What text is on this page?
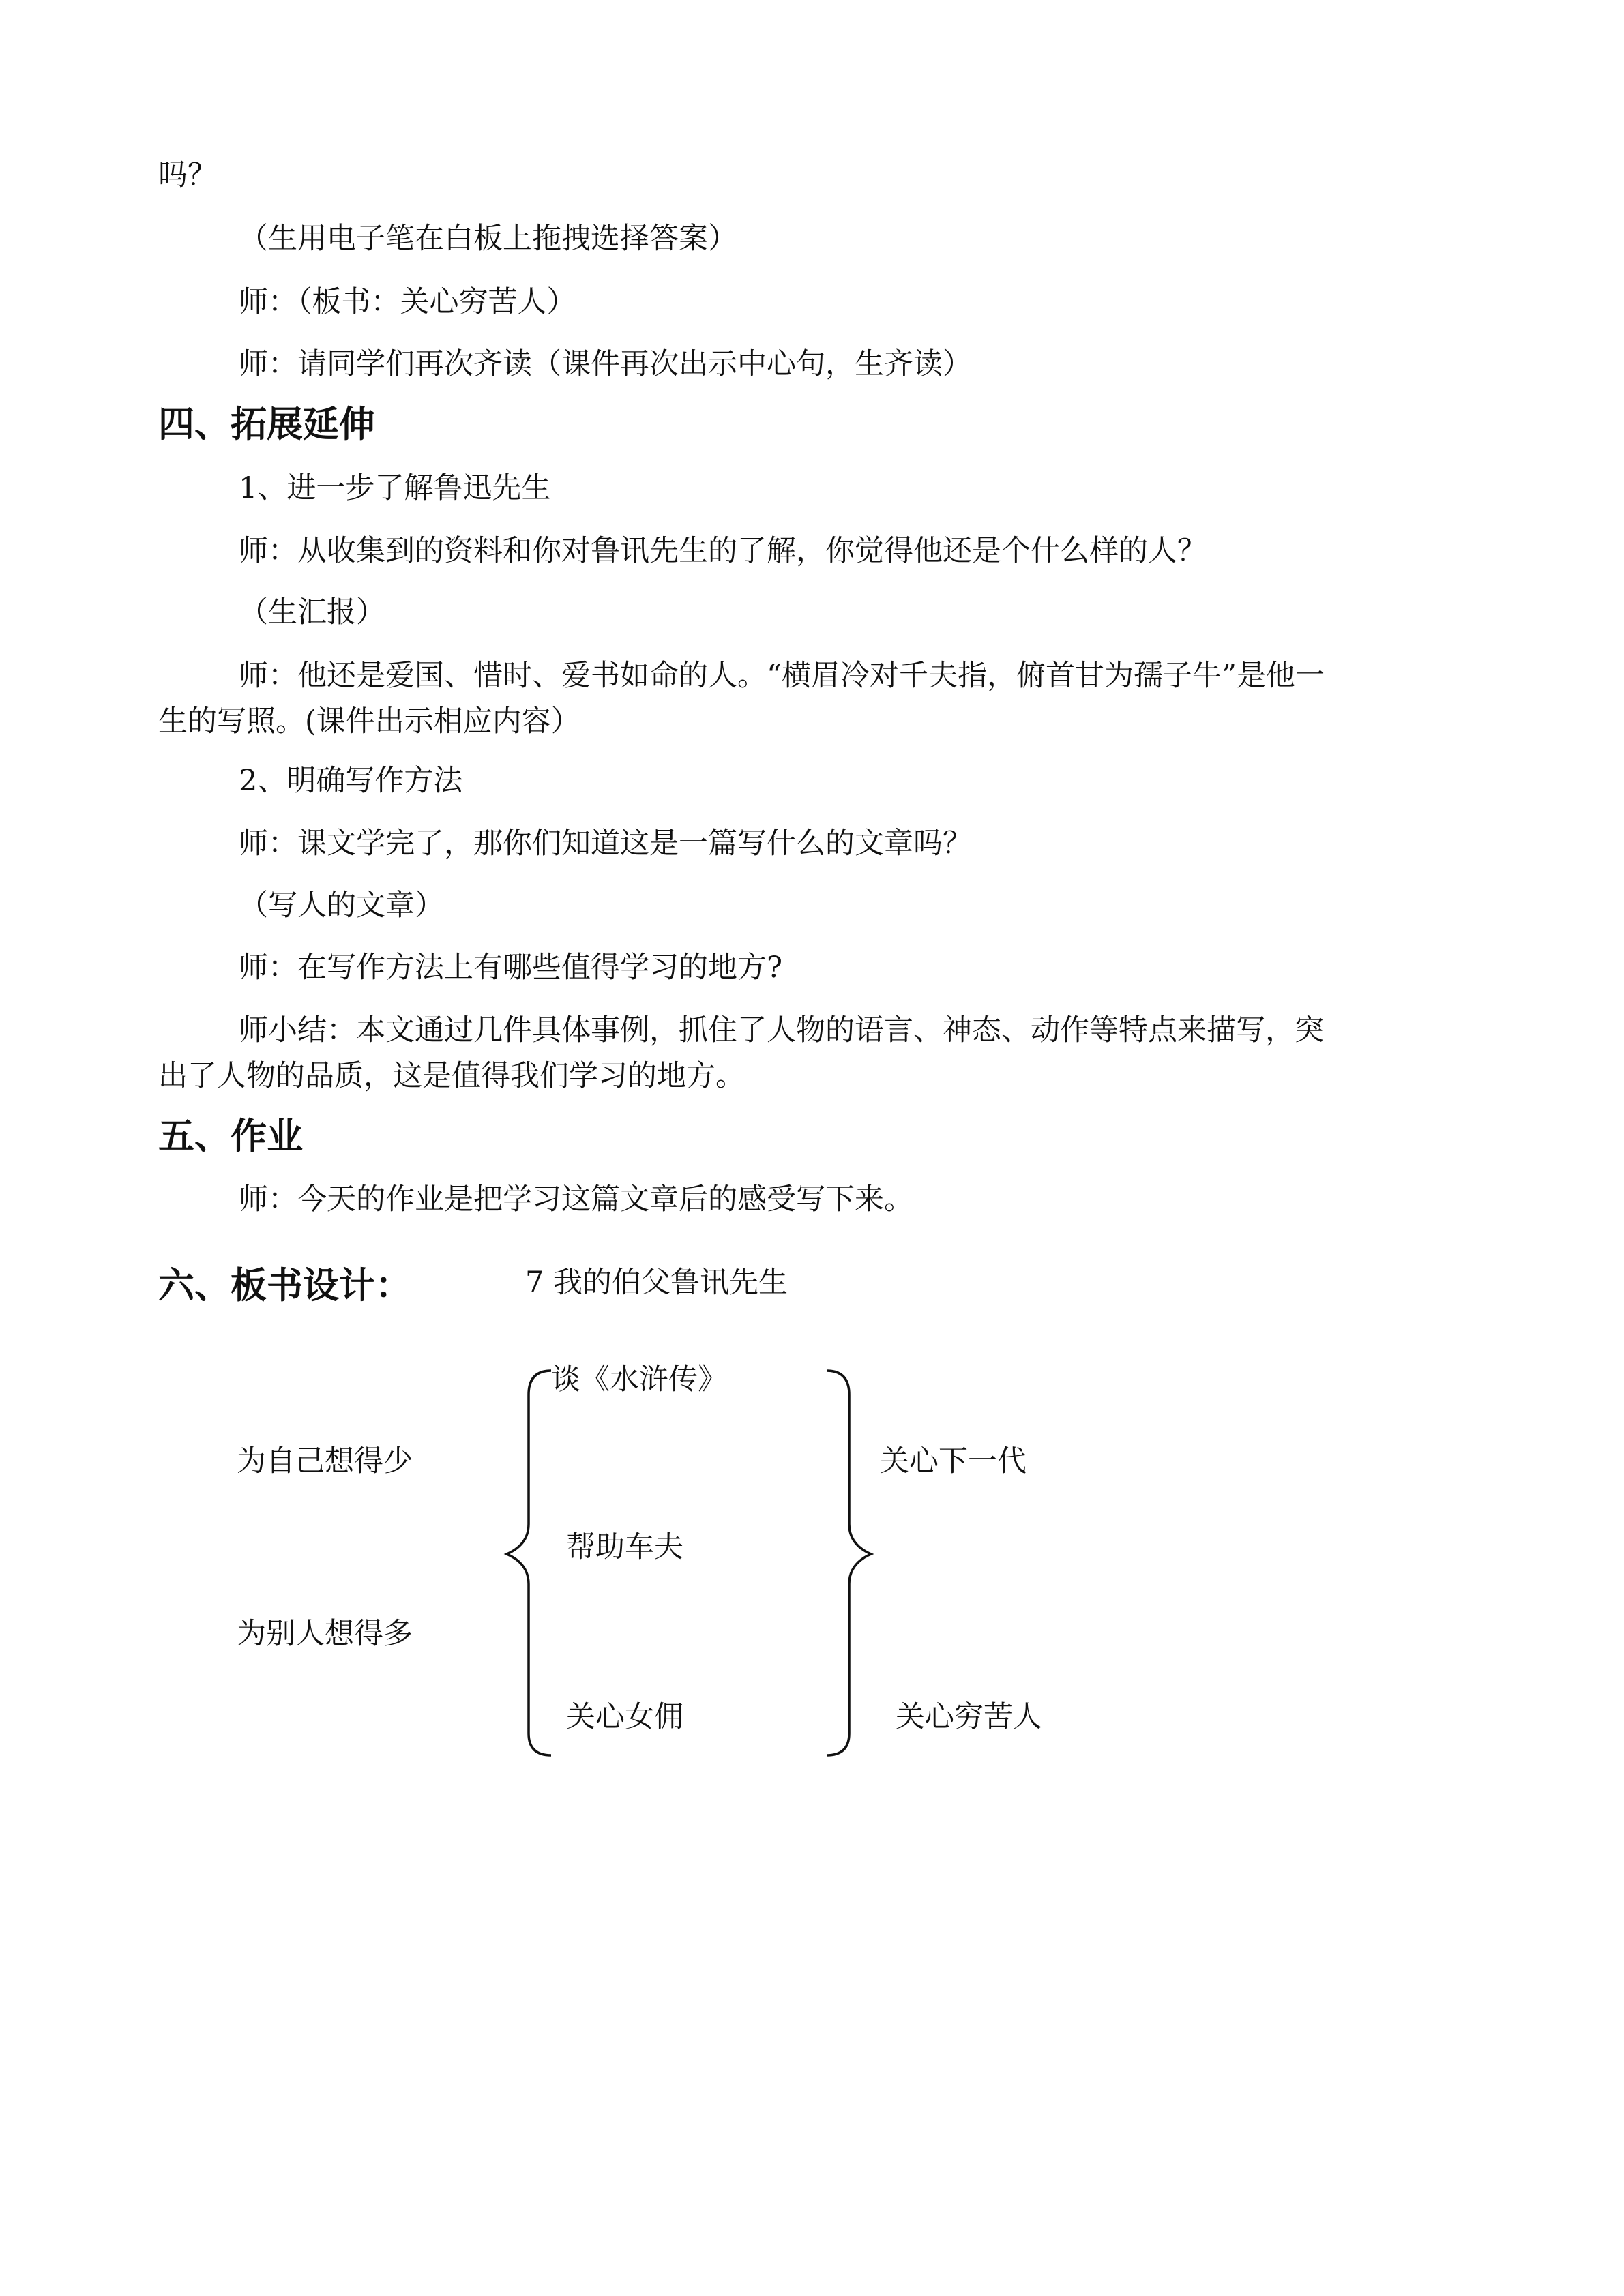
吗？
（生用电子笔在白板上拖拽选择答案）
师：（板书：关心穷苦人）
师：请同学们再次齐读（课件再次出示中心句，生齐读）
四、拓展延伸
1、进一步了解鲁迅先生
师：从收集到的资料和你对鲁讯先生的了解，你觉得他还是个什么样的人？
（生汇报）
师：他还是爱国、惜时、爱书如命的人。“横眉冷对千夫指，俯首甘为孺子牛”是他一
生的写照。(课件出示相应内容）
2、明确写作方法
师：课文学完了，那你们知道这是一篇写什么的文章吗？
（写人的文章）
师：在写作方法上有哪些值得学习的地方?
师小结：本文通过几件具体事例，抓住了人物的语言、神态、动作等特点来描写，突
出了人物的品质，这是值得我们学习的地方。
五、作业
师：今天的作业是把学习这篇文章后的感受写下来。
六、板书设计：	7 我的伯父鲁讯先生
为自己想得少
为别人想得多
谈《水浒传》
帮助车夫
关心女佣
关心下一代
关心穷苦人
